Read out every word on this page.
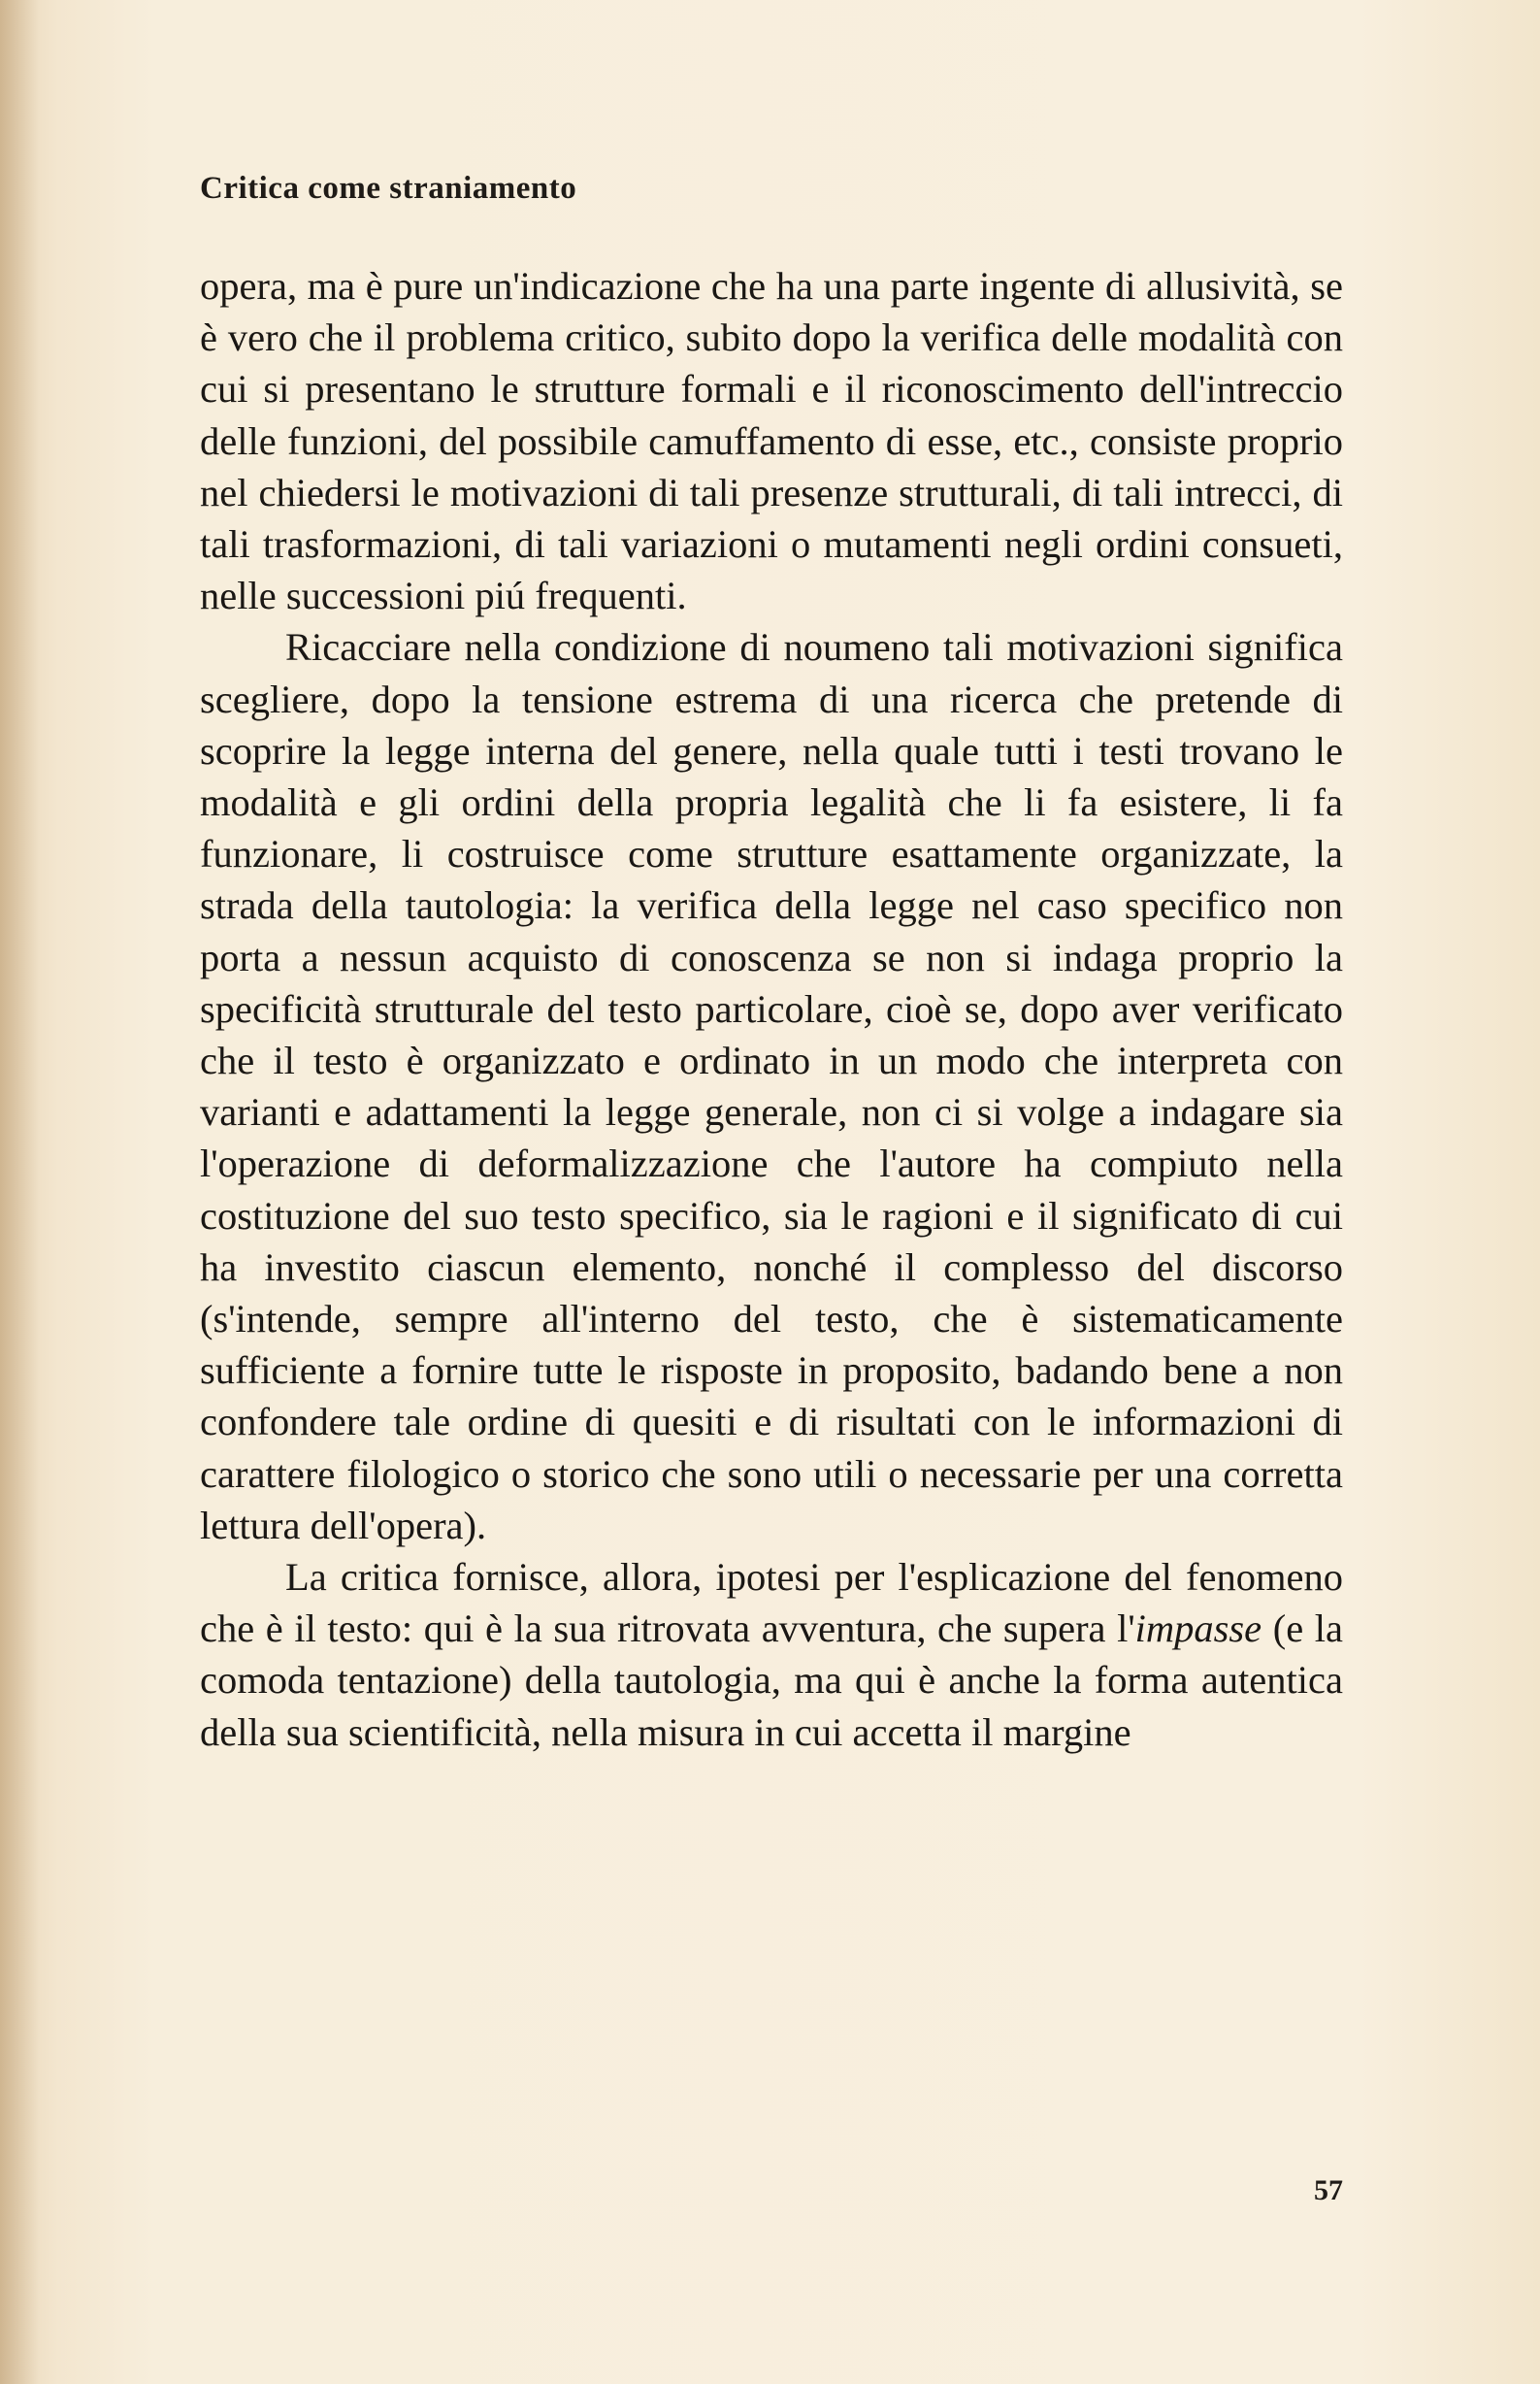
Critica come straniamento

opera, ma è pure un'indicazione che ha una parte ingente di allusività, se è vero che il problema critico, subito dopo la verifica delle modalità con cui si presentano le strutture formali e il riconoscimento dell'intreccio delle funzioni, del possibile camuffamento di esse, etc., consiste proprio nel chiedersi le motivazioni di tali presenze strutturali, di tali intrecci, di tali trasformazioni, di tali variazioni o mutamenti negli ordini consueti, nelle successioni piú frequenti.

Ricacciare nella condizione di noumeno tali motivazioni significa scegliere, dopo la tensione estrema di una ricerca che pretende di scoprire la legge interna del genere, nella quale tutti i testi trovano le modalità e gli ordini della propria legalità che li fa esistere, li fa funzionare, li costruisce come strutture esattamente organizzate, la strada della tautologia: la verifica della legge nel caso specifico non porta a nessun acquisto di conoscenza se non si indaga proprio la specificità strutturale del testo particolare, cioè se, dopo aver verificato che il testo è organizzato e ordinato in un modo che interpreta con varianti e adattamenti la legge generale, non ci si volge a indagare sia l'operazione di deformalizzazione che l'autore ha compiuto nella costituzione del suo testo specifico, sia le ragioni e il significato di cui ha investito ciascun elemento, nonché il complesso del discorso (s'intende, sempre all'interno del testo, che è sistematicamente sufficiente a fornire tutte le risposte in proposito, badando bene a non confondere tale ordine di quesiti e di risultati con le informazioni di carattere filologico o storico che sono utili o necessarie per una corretta lettura dell'opera).

La critica fornisce, allora, ipotesi per l'esplicazione del fenomeno che è il testo: qui è la sua ritrovata avventura, che supera l'impasse (e la comoda tentazione) della tautologia, ma qui è anche la forma autentica della sua scientificità, nella misura in cui accetta il margine

57
